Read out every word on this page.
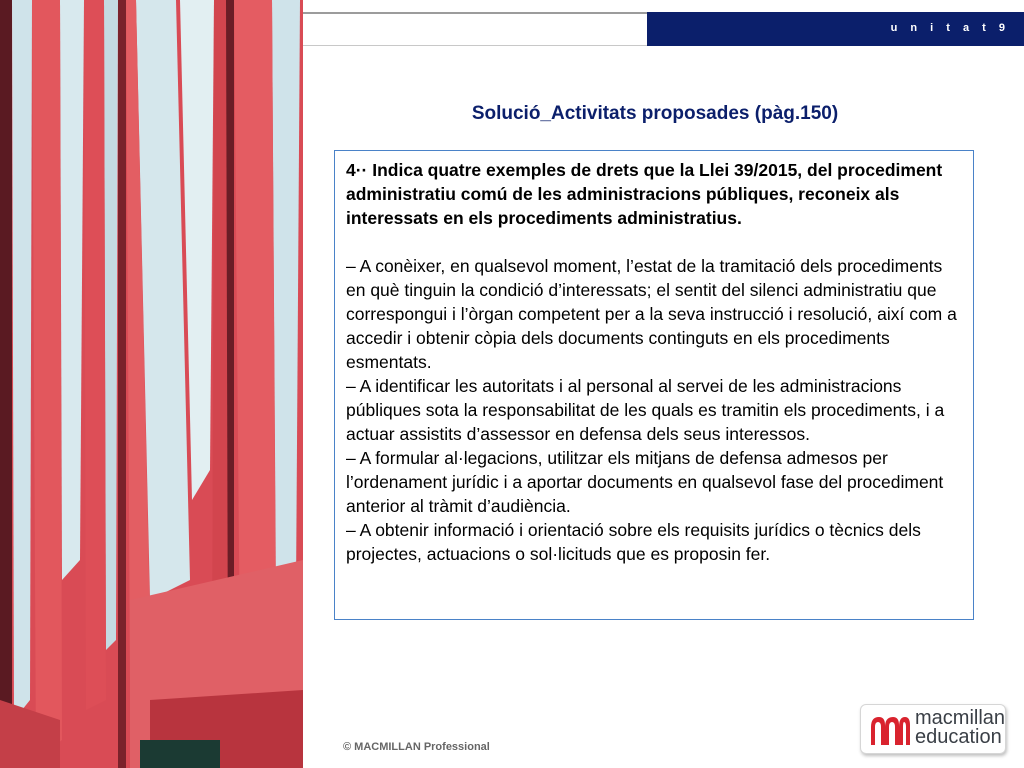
u n i t a t 9
Solució_Activitats proposades (pàg.150)

4·· Indica quatre exemples de drets que la Llei 39/2015, del procediment administratiu comú de les administracions públiques, reconeix als interessats en els procediments administratius.

– A conèixer, en qualsevol moment, l’estat de la tramitació dels procediments en què tinguin la condició d’interessats; el sentit del silenci administratiu que correspongui i l’òrgan competent per a la seva instrucció i resolució, així com a accedir i obtenir còpia dels documents continguts en els procediments esmentats.

– A identificar les autoritats i al personal al servei de les administracions públiques sota la responsabilitat de les quals es tramitin els procediments, i a actuar assistits d’assessor en defensa dels seus interessos.

– A formular al·legacions, utilitzar els mitjans de defensa admesos per l’ordenament jurídic i a aportar documents en qualsevol fase del procediment anterior al tràmit d’audiència.

– A obtenir informació i orientació sobre els requisits jurídics o tècnics dels projectes, actuacions o sol·licituds que es proposin fer.

© MACMILLAN Professional
macmillan
education
